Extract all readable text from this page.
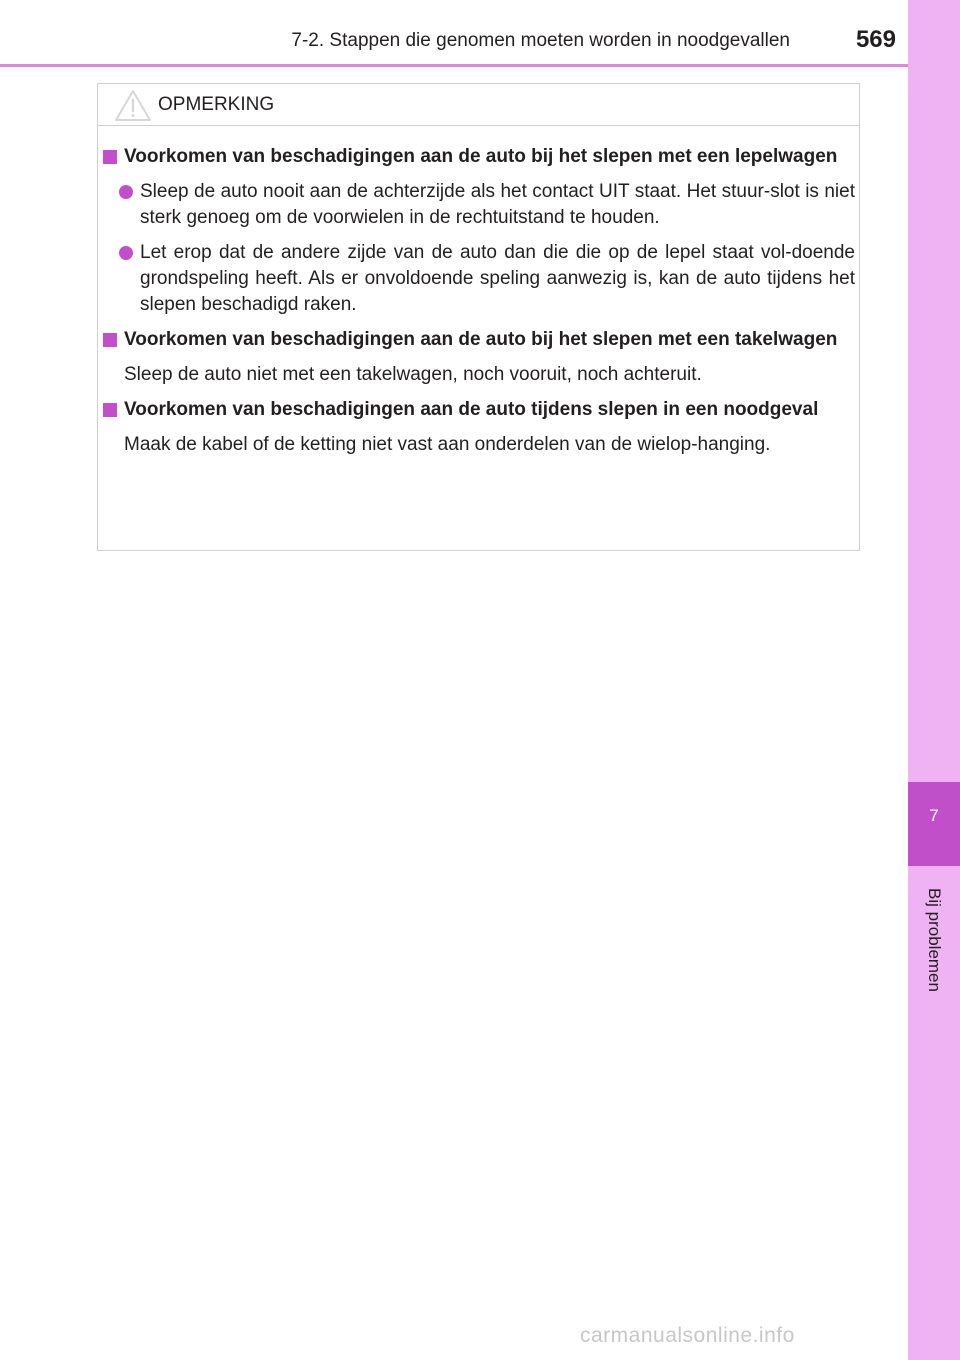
7-2. Stappen die genomen moeten worden in noodgevallen	569
7
Bij problemen
OPMERKING
Voorkomen van beschadigingen aan de auto bij het slepen met een lepelwagen
Sleep de auto nooit aan de achterzijde als het contact UIT staat. Het stuur-slot is niet sterk genoeg om de voorwielen in de rechtuitstand te houden.
Let erop dat de andere zijde van de auto dan die die op de lepel staat vol-doende grondspeling heeft. Als er onvoldoende speling aanwezig is, kan de auto tijdens het slepen beschadigd raken.
Voorkomen van beschadigingen aan de auto bij het slepen met een takelwagen
Sleep de auto niet met een takelwagen, noch vooruit, noch achteruit.
Voorkomen van beschadigingen aan de auto tijdens slepen in een noodgeval
Maak de kabel of de ketting niet vast aan onderdelen van de wielop-hanging.
carmanualsonline.info
